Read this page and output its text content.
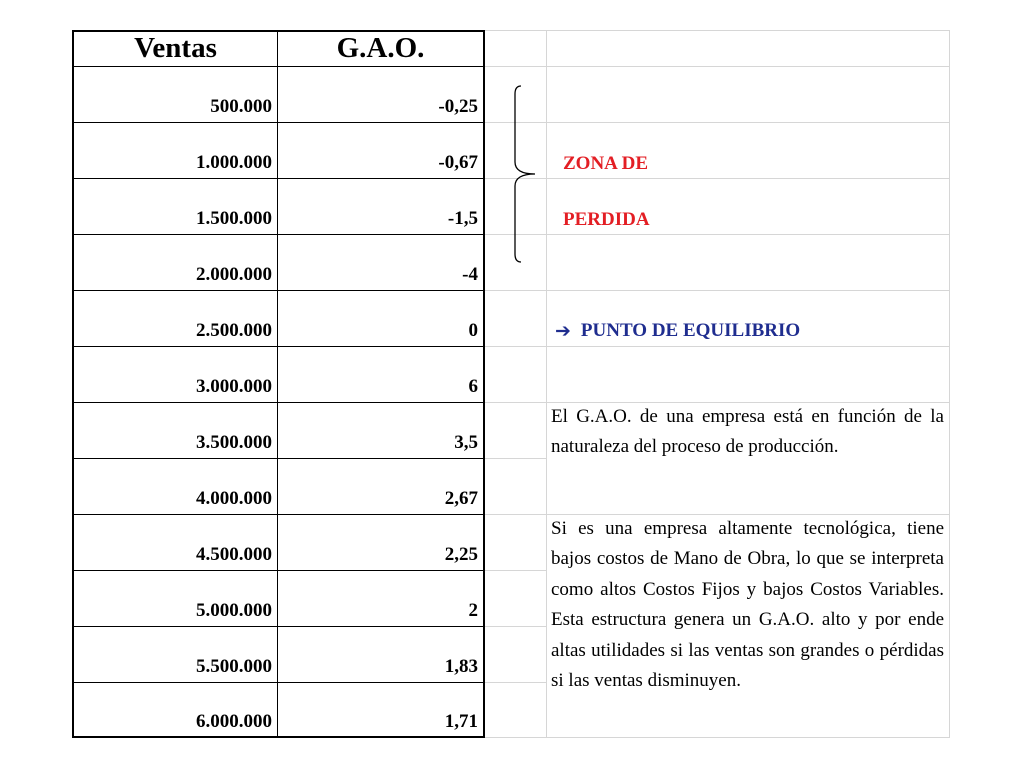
Ventas	G.A.O.
500.000	-0,25
1.000.000	-0,67
1.500.000	-1,5
2.000.000	-4
2.500.000	0
3.000.000	6
3.500.000	3,5
4.000.000	2,67
4.500.000	2,25
5.000.000	2
5.500.000	1,83
6.000.000	1,71
ZONA DE
PERDIDA
➔ PUNTO DE EQUILIBRIO
El G.A.O. de una empresa está en función de la naturaleza del proceso de producción.
Si es una empresa altamente tecnológica, tiene bajos costos de Mano de Obra, lo que se interpreta como altos Costos Fijos y bajos Costos Variables. Esta estructura genera un G.A.O. alto y por ende altas utilidades si las ventas son grandes o pérdidas si las ventas disminuyen.
